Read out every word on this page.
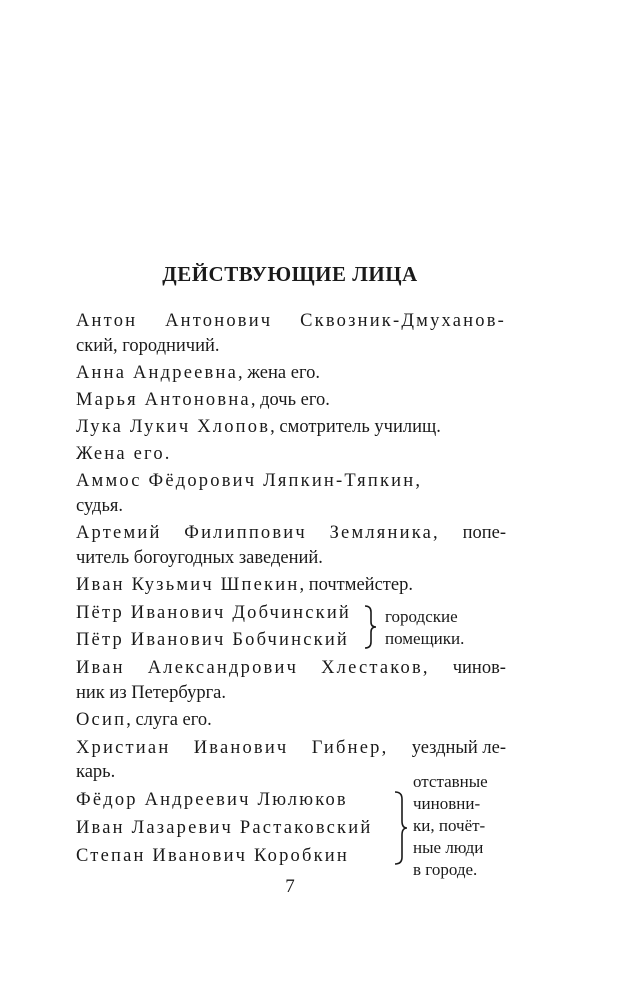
ДЕЙСТВУЮЩИЕ ЛИЦА
Антон Антонович Сквозник-Дмуханов-
ский, городничий.
Анна Андреевна, жена его.
Марья Антоновна, дочь его.
Лука Лукич Хлопов, смотритель училищ.
Жена его.
Аммос Фёдорович Ляпкин-Тяпкин,
судья.
Артемий Филиппович Земляника, попе-
читель богоугодных заведений.
Иван Кузьмич Шпекин, почтмейстер.
Пётр Иванович Добчинский
Пётр Иванович Бобчинский
городские
помещики.
Иван Александрович Хлестаков, чинов-
ник из Петербурга.
Осип, слуга его.
Христиан Иванович Гибнер, уездный ле-
карь.
Фёдор Андреевич Люлюков
Иван Лазаревич Растаковский
Степан Иванович Коробкин
отставные
чиновни-
ки, почёт-
ные люди
в городе.
7
